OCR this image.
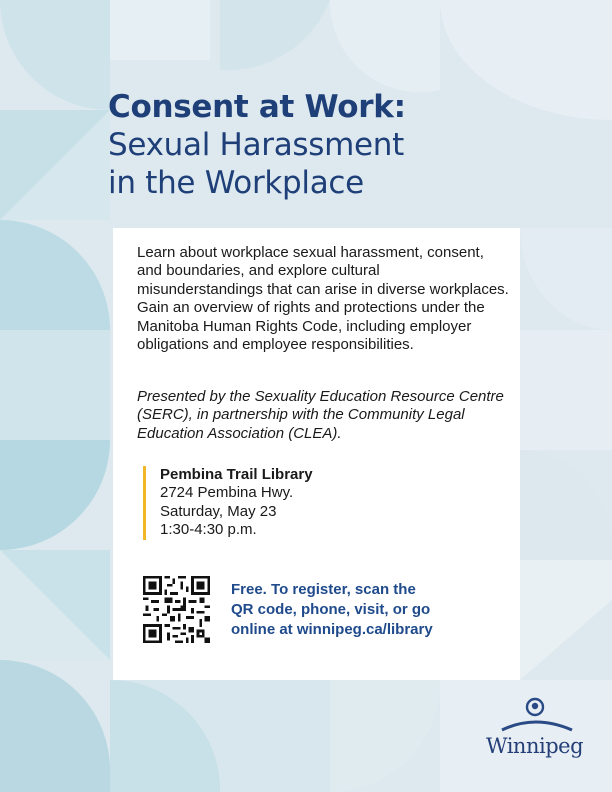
Consent at Work:
Sexual Harassment
in the Workplace
Learn about workplace sexual harassment, consent, and boundaries, and explore cultural misunderstandings that can arise in diverse workplaces. Gain an overview of rights and protections under the Manitoba Human Rights Code, including employer obligations and employee responsibilities.
Presented by the Sexuality Education Resource Centre (SERC), in partnership with the Community Legal Education Association (CLEA).
Pembina Trail Library
2724 Pembina Hwy.
Saturday, May 23
1:30-4:30 p.m.
Free. To register, scan the
QR code, phone, visit, or go
online at winnipeg.ca/library
Winnipeg
